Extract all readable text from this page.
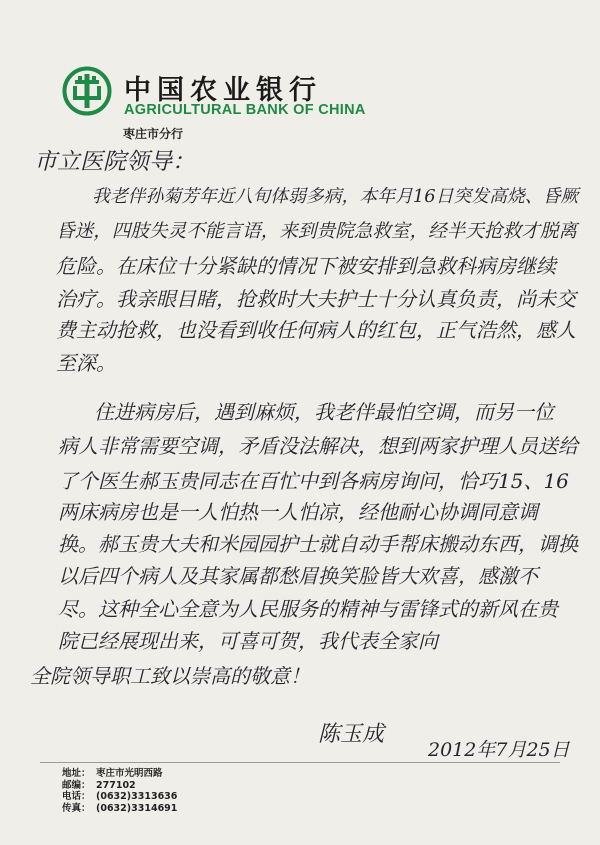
中国农业银行
AGRICULTURAL BANK OF CHINA
枣庄市分行
市立医院领导：
我老伴孙菊芳年近八旬体弱多病，本年月16日突发高烧、昏厥
昏迷，四肢失灵不能言语，来到贵院急救室，经半天抢救才脱离
危险。在床位十分紧缺的情况下被安排到急救科病房继续
治疗。我亲眼目睹，抢救时大夫护士十分认真负责，尚未交
费主动抢救，也没看到收任何病人的红包，正气浩然，感人
至深。
住进病房后，遇到麻烦，我老伴最怕空调，而另一位
病人非常需要空调，矛盾没法解决，想到两家护理人员送给
了个医生郝玉贵同志在百忙中到各病房询问，恰巧15、16
两床病房也是一人怕热一人怕凉，经他耐心协调同意调
换。郝玉贵大夫和米园园护士就自动手帮床搬动东西，调换
以后四个病人及其家属都愁眉换笑脸皆大欢喜，感激不
尽。这种全心全意为人民服务的精神与雷锋式的新风在贵
院已经展现出来，可喜可贺，我代表全家向
全院领导职工致以崇高的敬意！
陈玉成
2012年7月25日
地址： 枣庄市光明西路
邮编： 277102
电话： (0632)3313636
传真： (0632)3314691
